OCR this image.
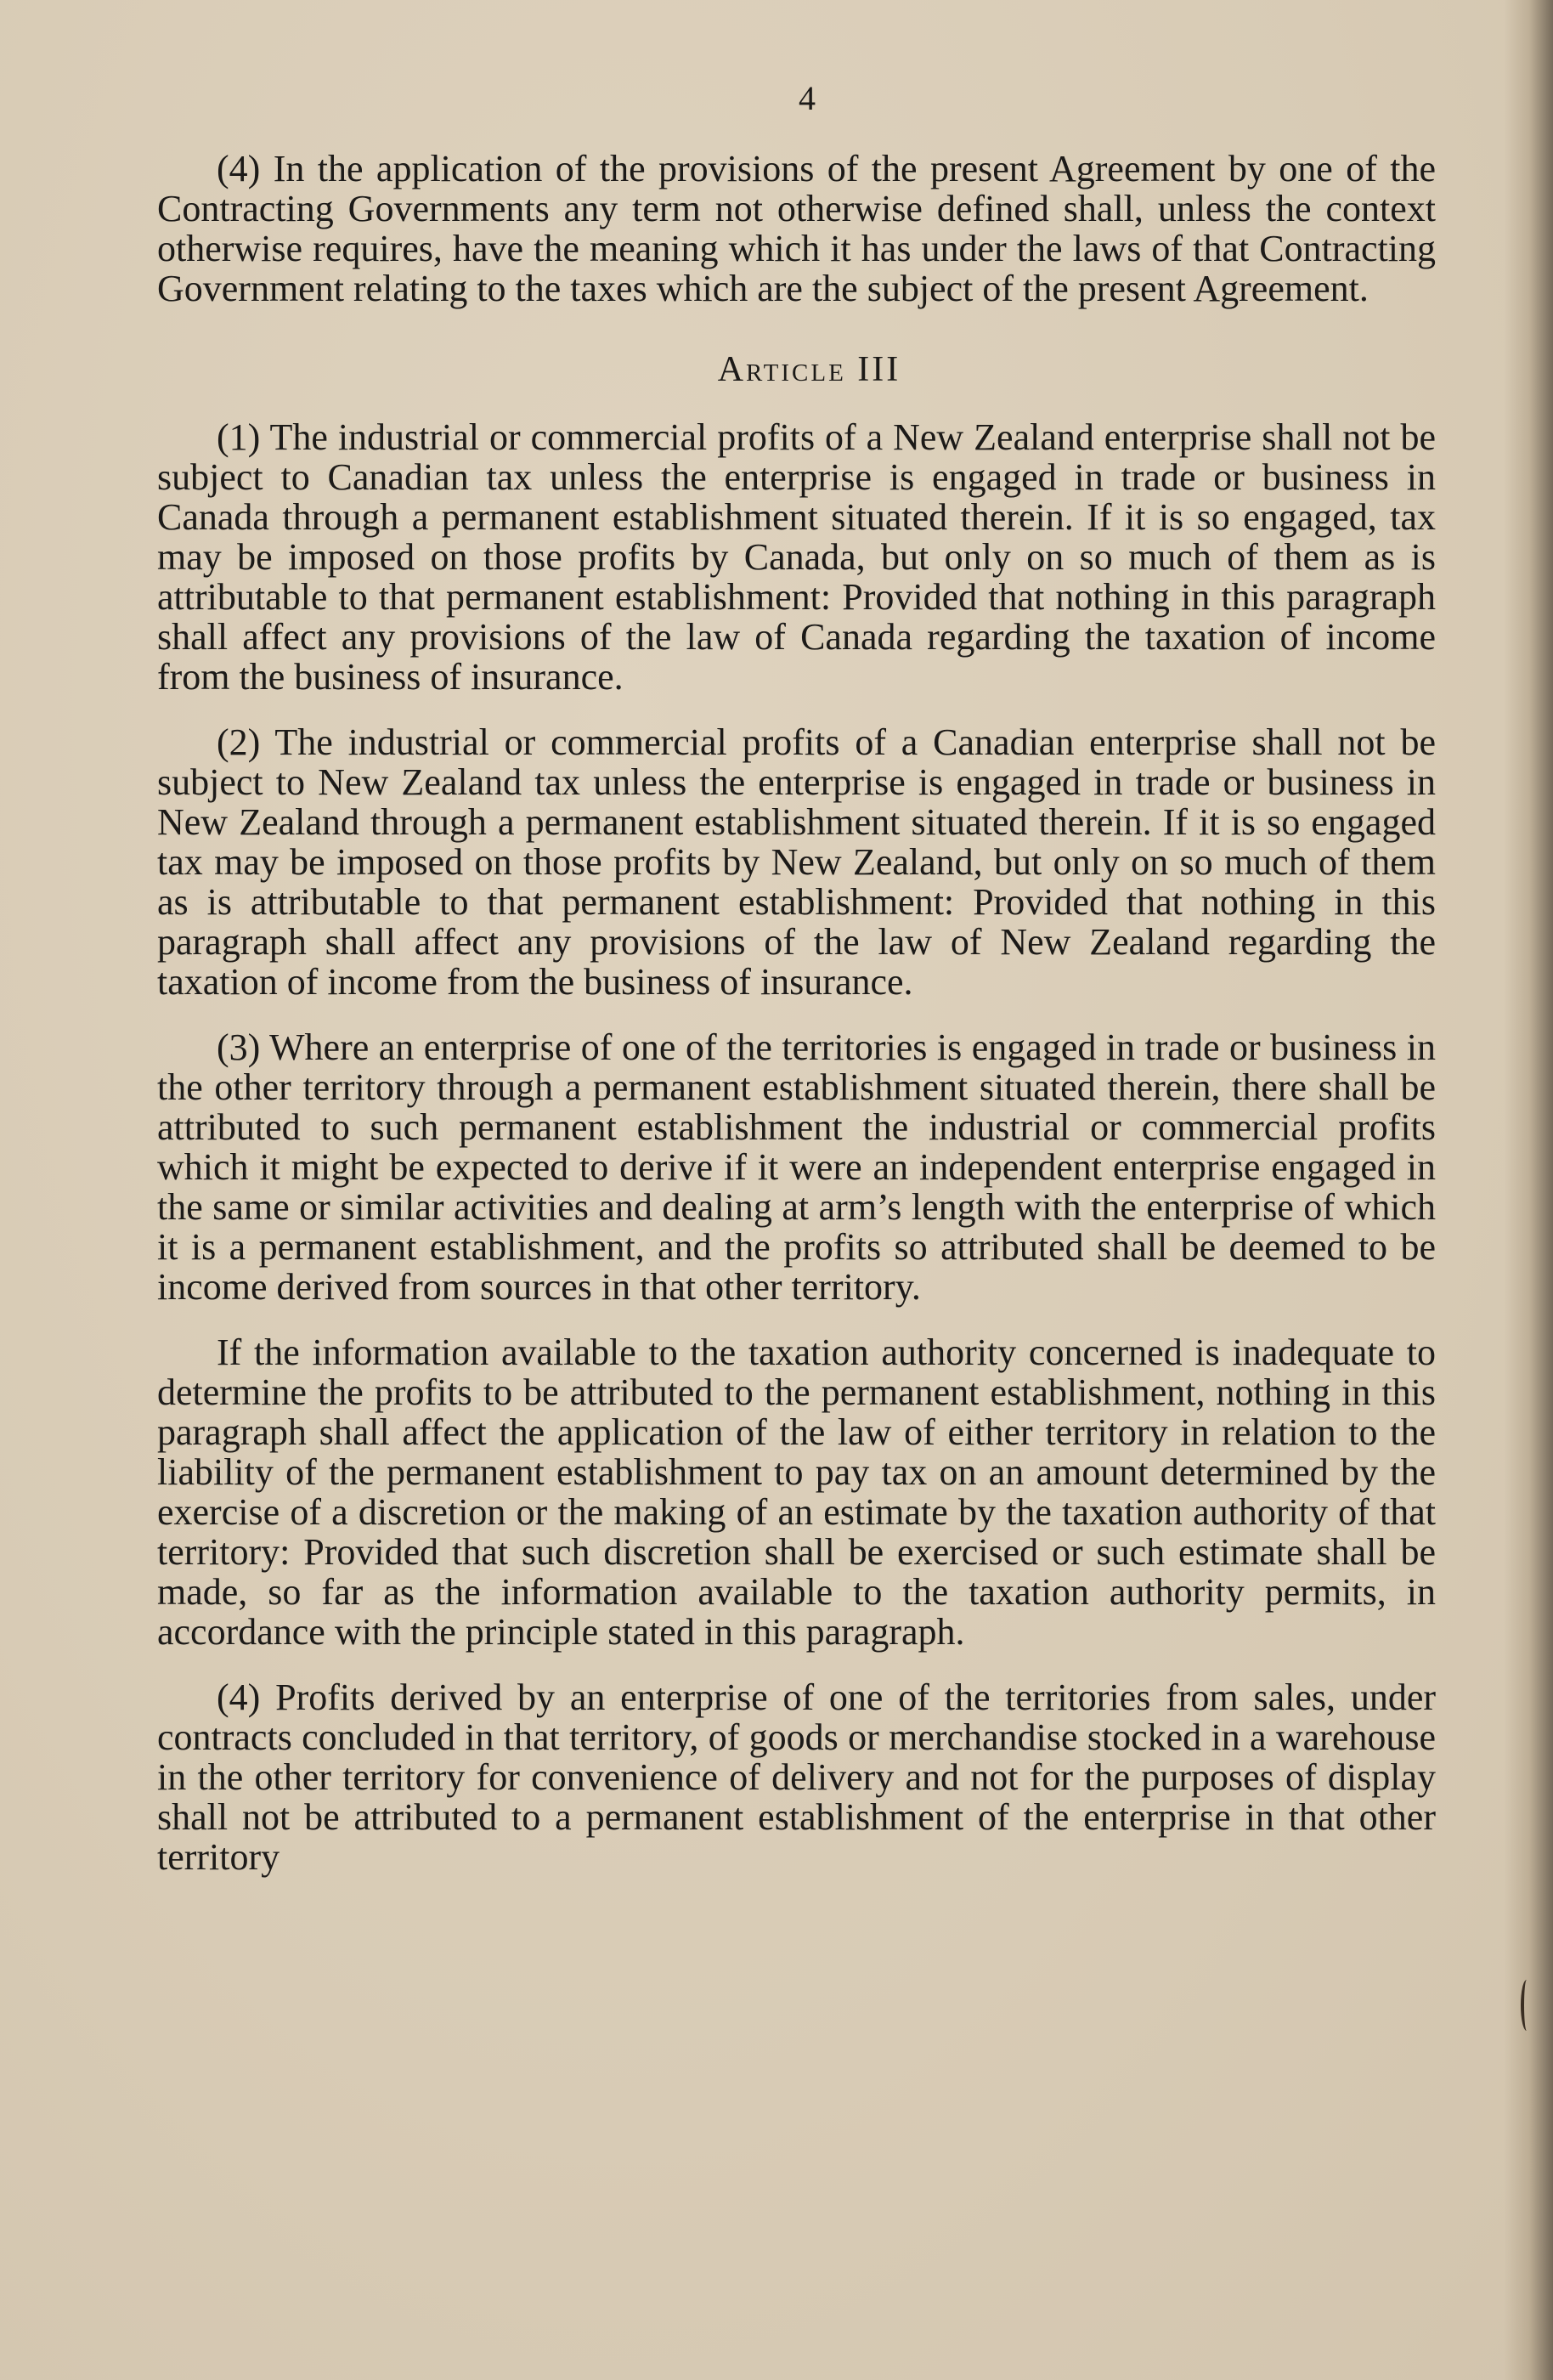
4

(4) In the application of the provisions of the present Agreement by one of the Contracting Governments any term not otherwise defined shall, unless the context otherwise requires, have the meaning which it has under the laws of that Contracting Government relating to the taxes which are the subject of the present Agreement.

Article III

(1) The industrial or commercial profits of a New Zealand enterprise shall not be subject to Canadian tax unless the enterprise is engaged in trade or business in Canada through a permanent establishment situated therein. If it is so engaged, tax may be imposed on those profits by Canada, but only on so much of them as is attributable to that permanent establishment: Provided that nothing in this paragraph shall affect any provisions of the law of Canada regarding the taxation of income from the business of insurance.

(2) The industrial or commercial profits of a Canadian enterprise shall not be subject to New Zealand tax unless the enterprise is engaged in trade or business in New Zealand through a permanent establishment situated therein. If it is so engaged tax may be imposed on those profits by New Zealand, but only on so much of them as is attributable to that permanent establishment: Provided that nothing in this paragraph shall affect any provisions of the law of New Zealand regarding the taxation of income from the business of insurance.

(3) Where an enterprise of one of the territories is engaged in trade or business in the other territory through a permanent establishment situated therein, there shall be attributed to such permanent establishment the industrial or commercial profits which it might be expected to derive if it were an independent enterprise engaged in the same or similar activities and dealing at arm’s length with the enterprise of which it is a permanent establishment, and the profits so attributed shall be deemed to be income derived from sources in that other territory.

If the information available to the taxation authority concerned is inadequate to determine the profits to be attributed to the permanent establishment, nothing in this paragraph shall affect the application of the law of either territory in relation to the liability of the permanent establishment to pay tax on an amount determined by the exercise of a discretion or the making of an estimate by the taxation authority of that territory: Provided that such discretion shall be exercised or such estimate shall be made, so far as the information available to the taxation authority permits, in accordance with the principle stated in this paragraph.

(4) Profits derived by an enterprise of one of the territories from sales, under contracts concluded in that territory, of goods or merchandise stocked in a warehouse in the other territory for convenience of delivery and not for the purposes of display shall not be attributed to a permanent establishment of the enterprise in that other territory
